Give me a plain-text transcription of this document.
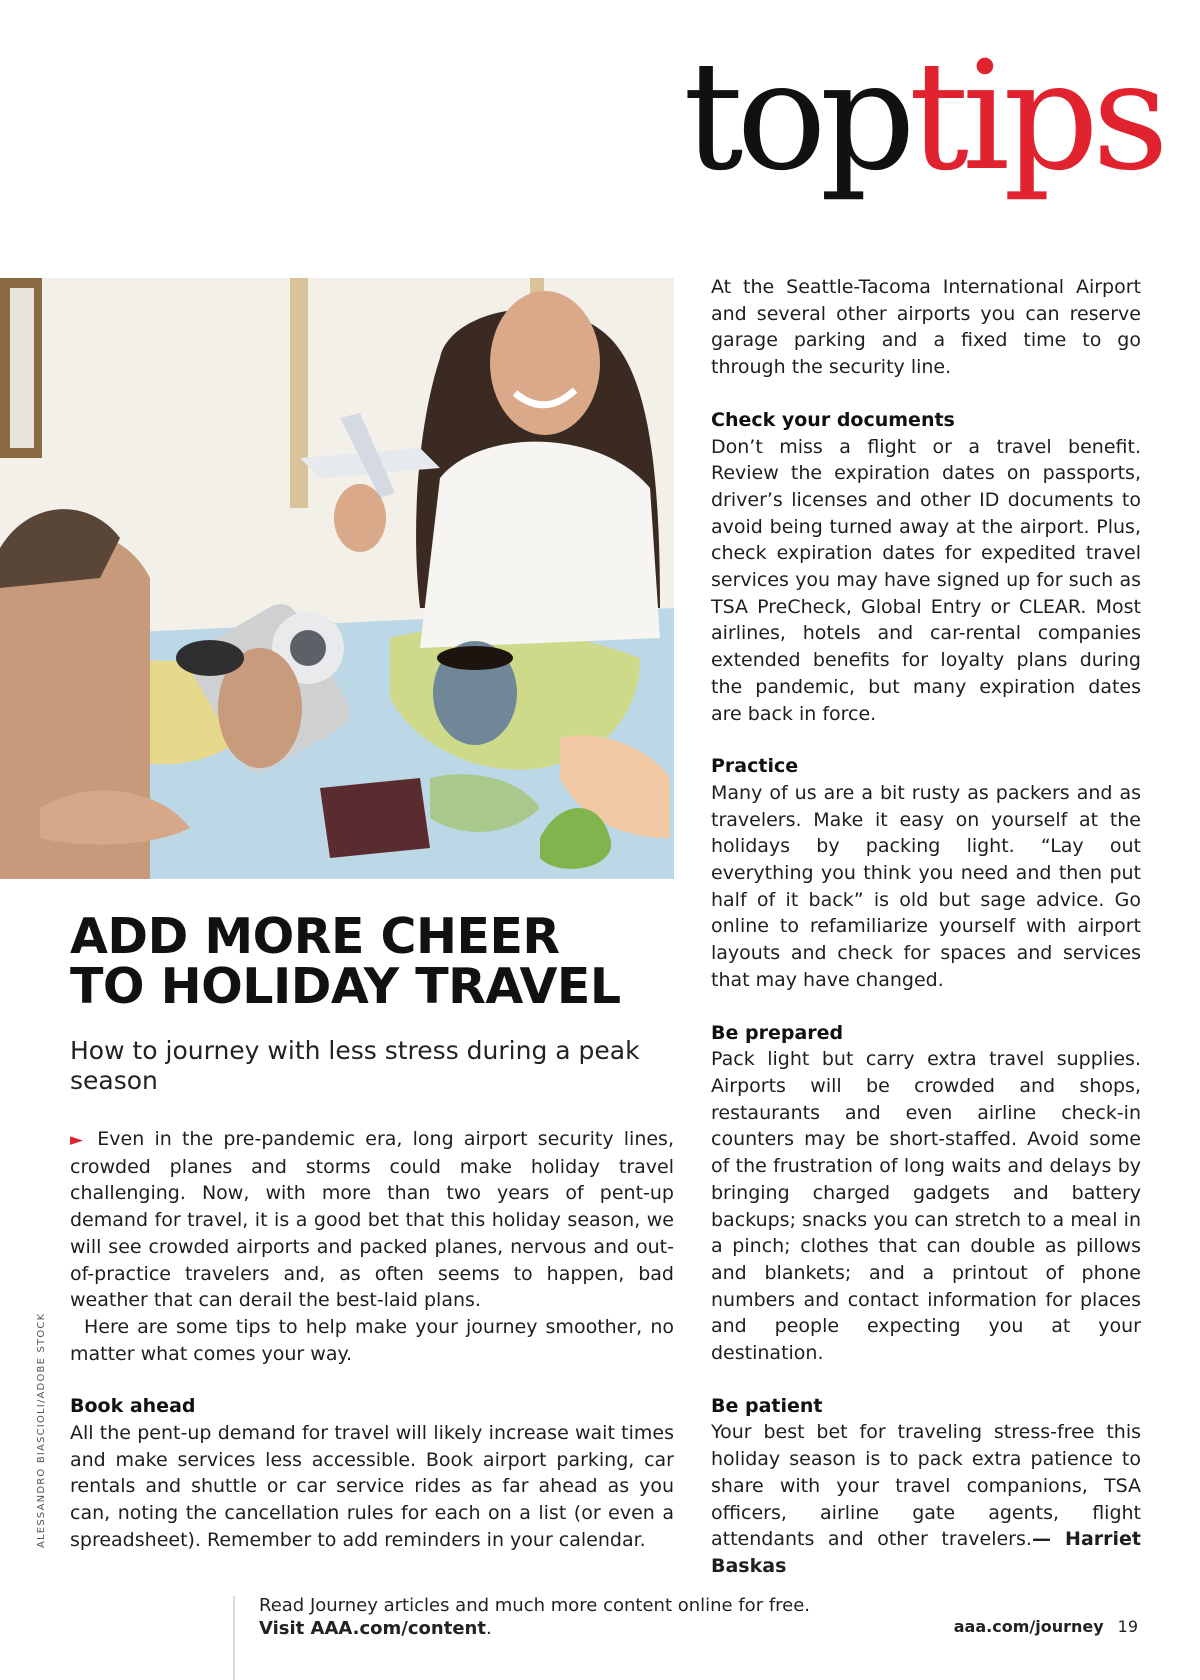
toptips
ALESSANDRO BIASCIOLI/ADOBE STOCK
ADD MORE CHEER
TO HOLIDAY TRAVEL

How to journey with less stress during a peak season

► Even in the pre-pandemic era, long airport security lines, crowded planes and storms could make holiday travel challenging. Now, with more than two years of pent-up demand for travel, it is a good bet that this holiday season, we will see crowded airports and packed planes, nervous and out-of-practice travelers and, as often seems to happen, bad weather that can derail the best-laid plans.

Here are some tips to help make your journey smoother, no matter what comes your way.

Book ahead

All the pent-up demand for travel will likely increase wait times and make services less accessible. Book airport parking, car rentals and shuttle or car service rides as far ahead as you can, noting the cancellation rules for each on a list (or even a spreadsheet). Remember to add reminders in your calendar.

At the Seattle-Tacoma International Airport and several other airports you can reserve garage parking and a fixed time to go through the security line.

Check your documents

Don’t miss a flight or a travel benefit. Review the expiration dates on passports, driver’s licenses and other ID documents to avoid being turned away at the airport. Plus, check expiration dates for expedited travel services you may have signed up for such as TSA PreCheck, Global Entry or CLEAR. Most airlines, hotels and car-rental companies extended benefits for loyalty plans during the pandemic, but many expiration dates are back in force.

Practice

Many of us are a bit rusty as packers and as travelers. Make it easy on yourself at the holidays by packing light. “Lay out everything you think you need and then put half of it back” is old but sage advice. Go online to refamiliarize yourself with airport layouts and check for spaces and services that may have changed.

Be prepared

Pack light but carry extra travel supplies. Airports will be crowded and shops, restaurants and even airline check-in counters may be short-staffed. Avoid some of the frustration of long waits and delays by bringing charged gadgets and battery backups; snacks you can stretch to a meal in a pinch; clothes that can double as pillows and blankets; and a printout of phone numbers and contact information for places and people expecting you at your destination.

Be patient

Your best bet for traveling stress-free this holiday season is to pack extra patience to share with your travel companions, TSA officers, airline gate agents, flight attendants and other travelers.— Harriet Baskas

Read Journey articles and much more content online for free.
Visit AAA.com/content.	aaa.com/journey 19
